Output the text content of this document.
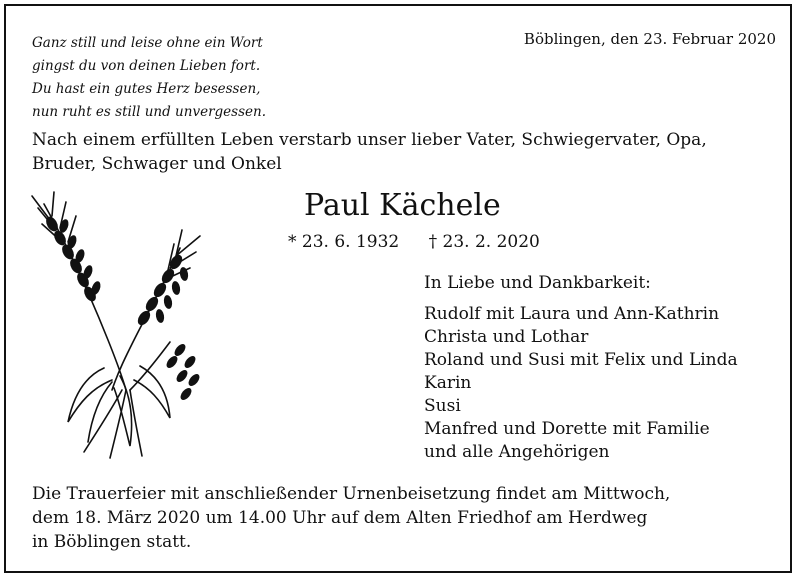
Ganz still und leise ohne ein Wort
gingst du von deinen Lieben fort.
Du hast ein gutes Herz besessen,
nun ruht es still und unvergessen.
Böblingen, den 23. Februar 2020
Nach einem erfüllten Leben verstarb unser lieber Vater, Schwiegervater, Opa,
Bruder, Schwager und Onkel
Paul Kächele
* 23. 6. 1932 † 23. 2. 2020
In Liebe und Dankbarkeit:
Rudolf mit Laura und Ann-Kathrin
Christa und Lothar
Roland und Susi mit Felix und Linda
Karin
Susi
Manfred und Dorette mit Familie
und alle Angehörigen
Die Trauerfeier mit anschließender Urnenbeisetzung findet am Mittwoch,
dem 18. März 2020 um 14.00 Uhr auf dem Alten Friedhof am Herdweg
in Böblingen statt.
